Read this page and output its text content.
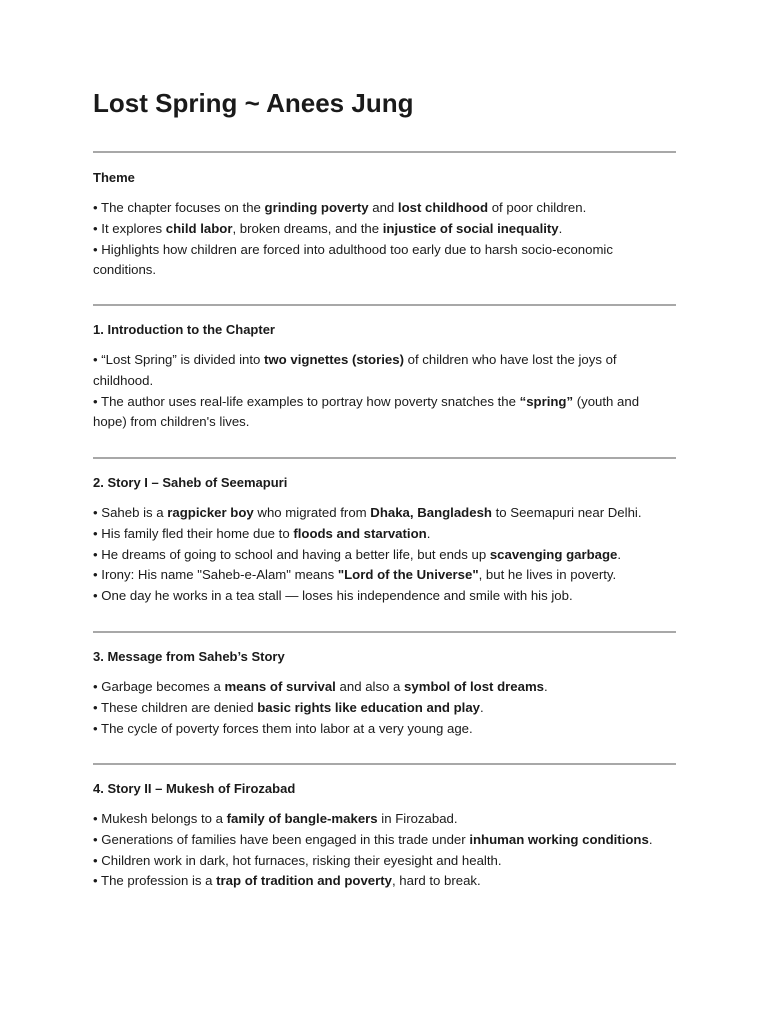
Lost Spring ~ Anees Jung
Theme
• The chapter focuses on the grinding poverty and lost childhood of poor children.
• It explores child labor, broken dreams, and the injustice of social inequality.
• Highlights how children are forced into adulthood too early due to harsh socio-economic conditions.
1. Introduction to the Chapter
• “Lost Spring” is divided into two vignettes (stories) of children who have lost the joys of childhood.
• The author uses real-life examples to portray how poverty snatches the “spring” (youth and hope) from children's lives.
2. Story I – Saheb of Seemapuri
• Saheb is a ragpicker boy who migrated from Dhaka, Bangladesh to Seemapuri near Delhi.
• His family fled their home due to floods and starvation.
• He dreams of going to school and having a better life, but ends up scavenging garbage.
• Irony: His name "Saheb-e-Alam" means "Lord of the Universe", but he lives in poverty.
• One day he works in a tea stall — loses his independence and smile with his job.
3. Message from Saheb’s Story
• Garbage becomes a means of survival and also a symbol of lost dreams.
• These children are denied basic rights like education and play.
• The cycle of poverty forces them into labor at a very young age.
4. Story II – Mukesh of Firozabad
• Mukesh belongs to a family of bangle-makers in Firozabad.
• Generations of families have been engaged in this trade under inhuman working conditions.
• Children work in dark, hot furnaces, risking their eyesight and health.
• The profession is a trap of tradition and poverty, hard to break.
